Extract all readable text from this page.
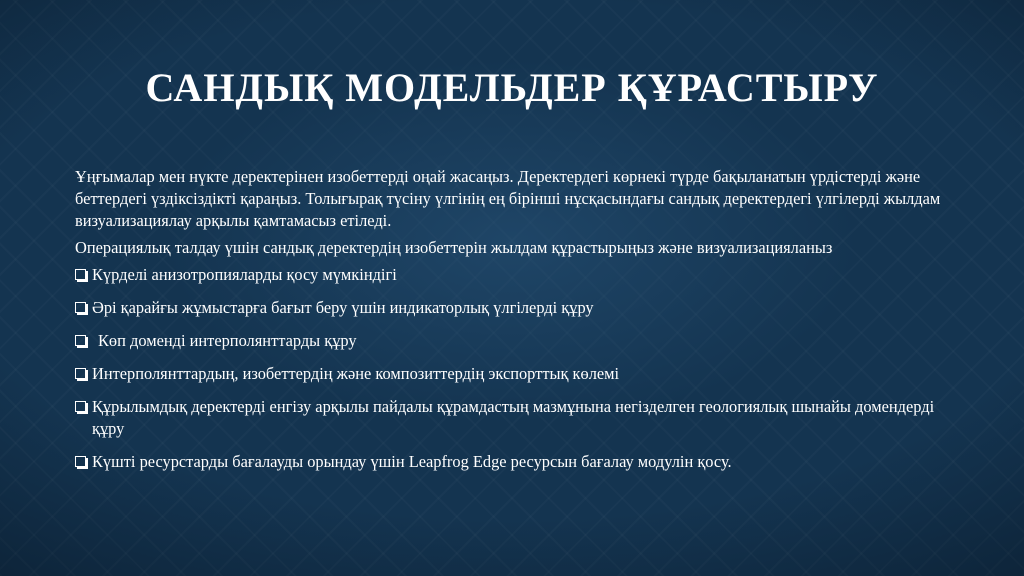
САНДЫҚ МОДЕЛЬДЕР ҚҰРАСТЫРУ

Ұңғымалар мен нүкте деректерінен изобеттерді оңай жасаңыз. Деректердегі көрнекі түрде бақыланатын үрдістерді және беттердегі үздіксіздікті қараңыз. Толығырақ түсіну үлгінің ең бірінші нұсқасындағы сандық деректердегі үлгілерді жылдам визуализациялау арқылы қамтамасыз етіледі.

Операциялық талдау үшін сандық деректердің изобеттерін жылдам құрастырыңыз және визуализацияланыз

Күрделі анизотропияларды қосу мүмкіндігі
Әрі қарайғы жұмыстарға бағыт беру үшін индикаторлық үлгілерді құру
Көп доменді интерполянттарды құру
Интерполянттардың, изобеттердің және композиттердің экспорттық көлемі
Құрылымдық деректерді енгізу арқылы пайдалы құрамдастың мазмұнына негізделген геологиялық шынайы домендерді құру
Күшті ресурстарды бағалауды орындау үшін Leapfrog Edge ресурсын бағалау модулін қосу.
